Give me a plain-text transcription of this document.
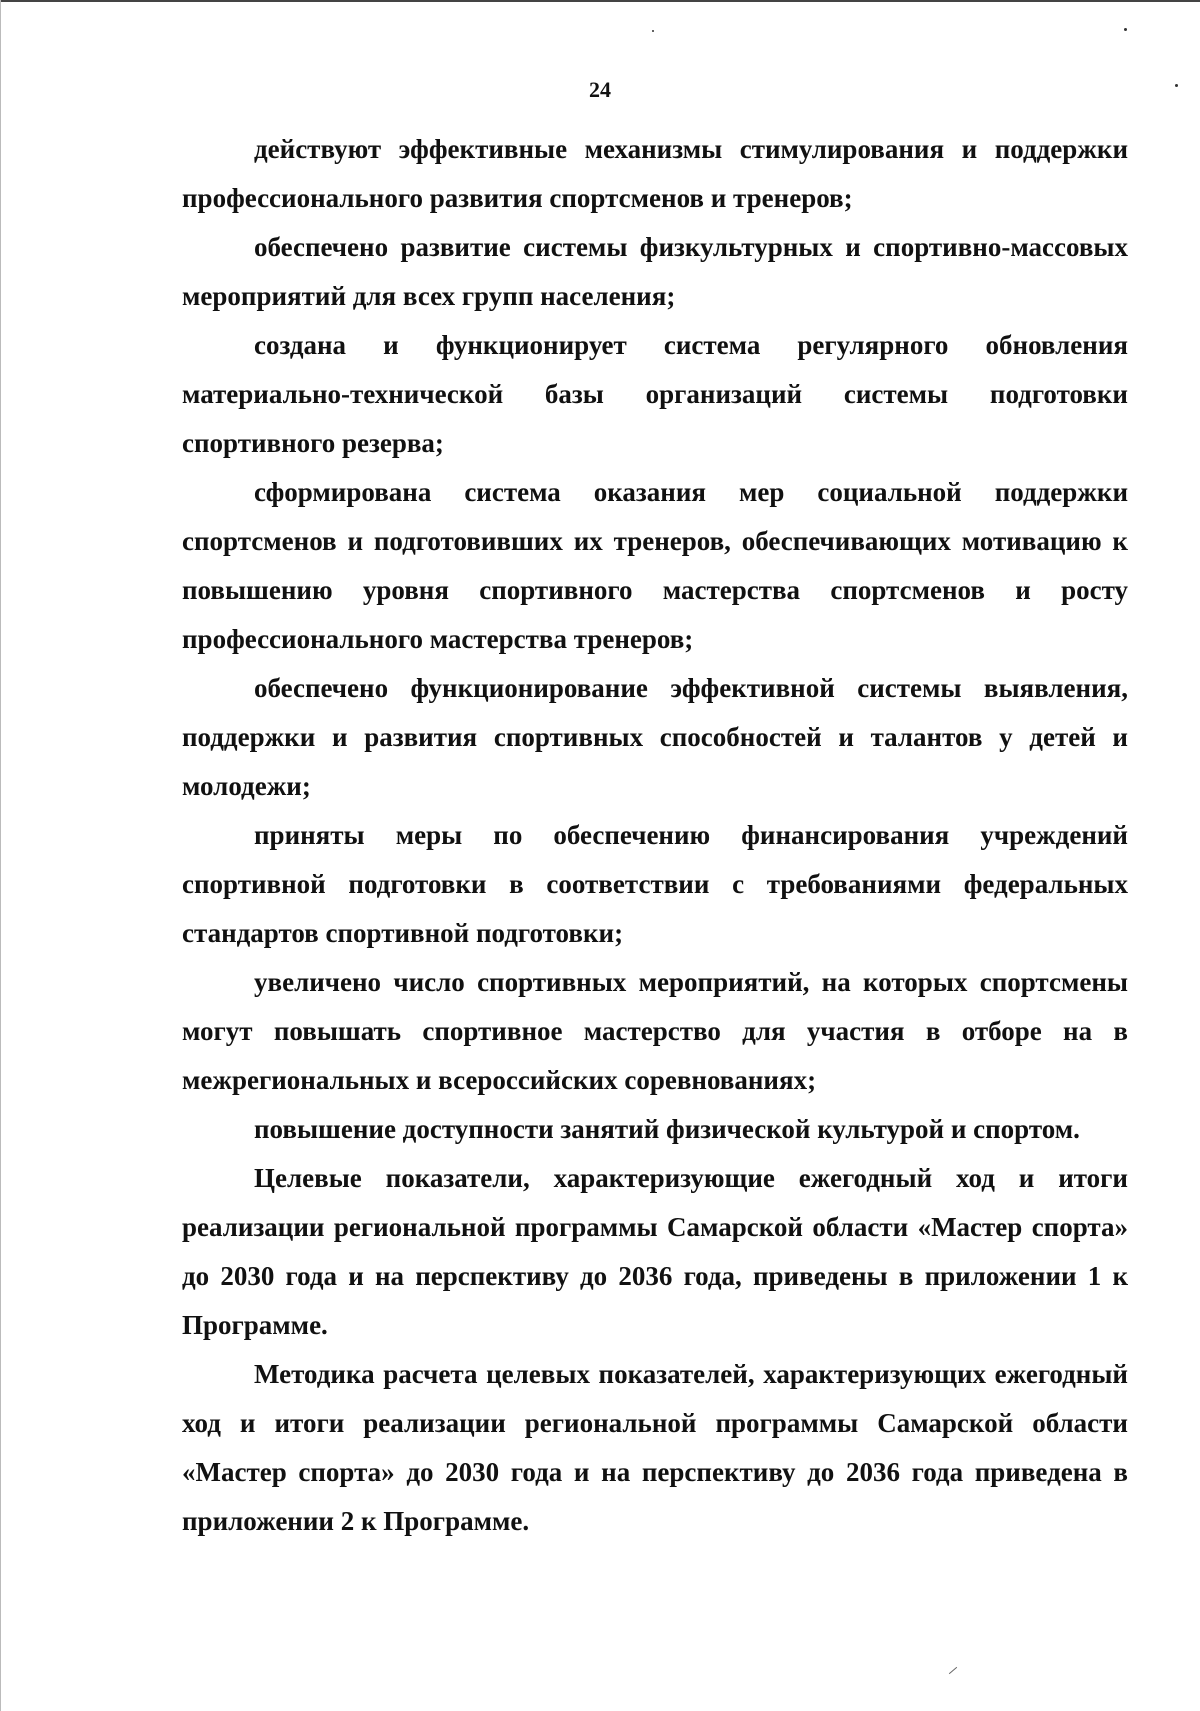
24

действуют эффективные механизмы стимулирования и поддержки профессионального развития спортсменов и тренеров;

обеспечено развитие системы физкультурных и спортивно-массовых мероприятий для всех групп населения;

создана и функционирует система регулярного обновления материально-технической базы организаций системы подготовки спортивного резерва;

сформирована система оказания мер социальной поддержки спортсменов и подготовивших их тренеров, обеспечивающих мотивацию к повышению уровня спортивного мастерства спортсменов и росту профессионального мастерства тренеров;

обеспечено функционирование эффективной системы выявления, поддержки и развития спортивных способностей и талантов у детей и молодежи;

приняты меры по обеспечению финансирования учреждений спортивной подготовки в соответствии с требованиями федеральных стандартов спортивной подготовки;

увеличено число спортивных мероприятий, на которых спортсмены могут повышать спортивное мастерство для участия в отборе на в межрегиональных и всероссийских соревнованиях;

повышение доступности занятий физической культурой и спортом.

Целевые показатели, характеризующие ежегодный ход и итоги реализации региональной программы Самарской области «Мастер спорта» до 2030 года и на перспективу до 2036 года, приведены в приложении 1 к Программе.

Методика расчета целевых показателей, характеризующих ежегодный ход и итоги реализации региональной программы Самарской области «Мастер спорта» до 2030 года и на перспективу до 2036 года приведена в приложении 2 к Программе.
